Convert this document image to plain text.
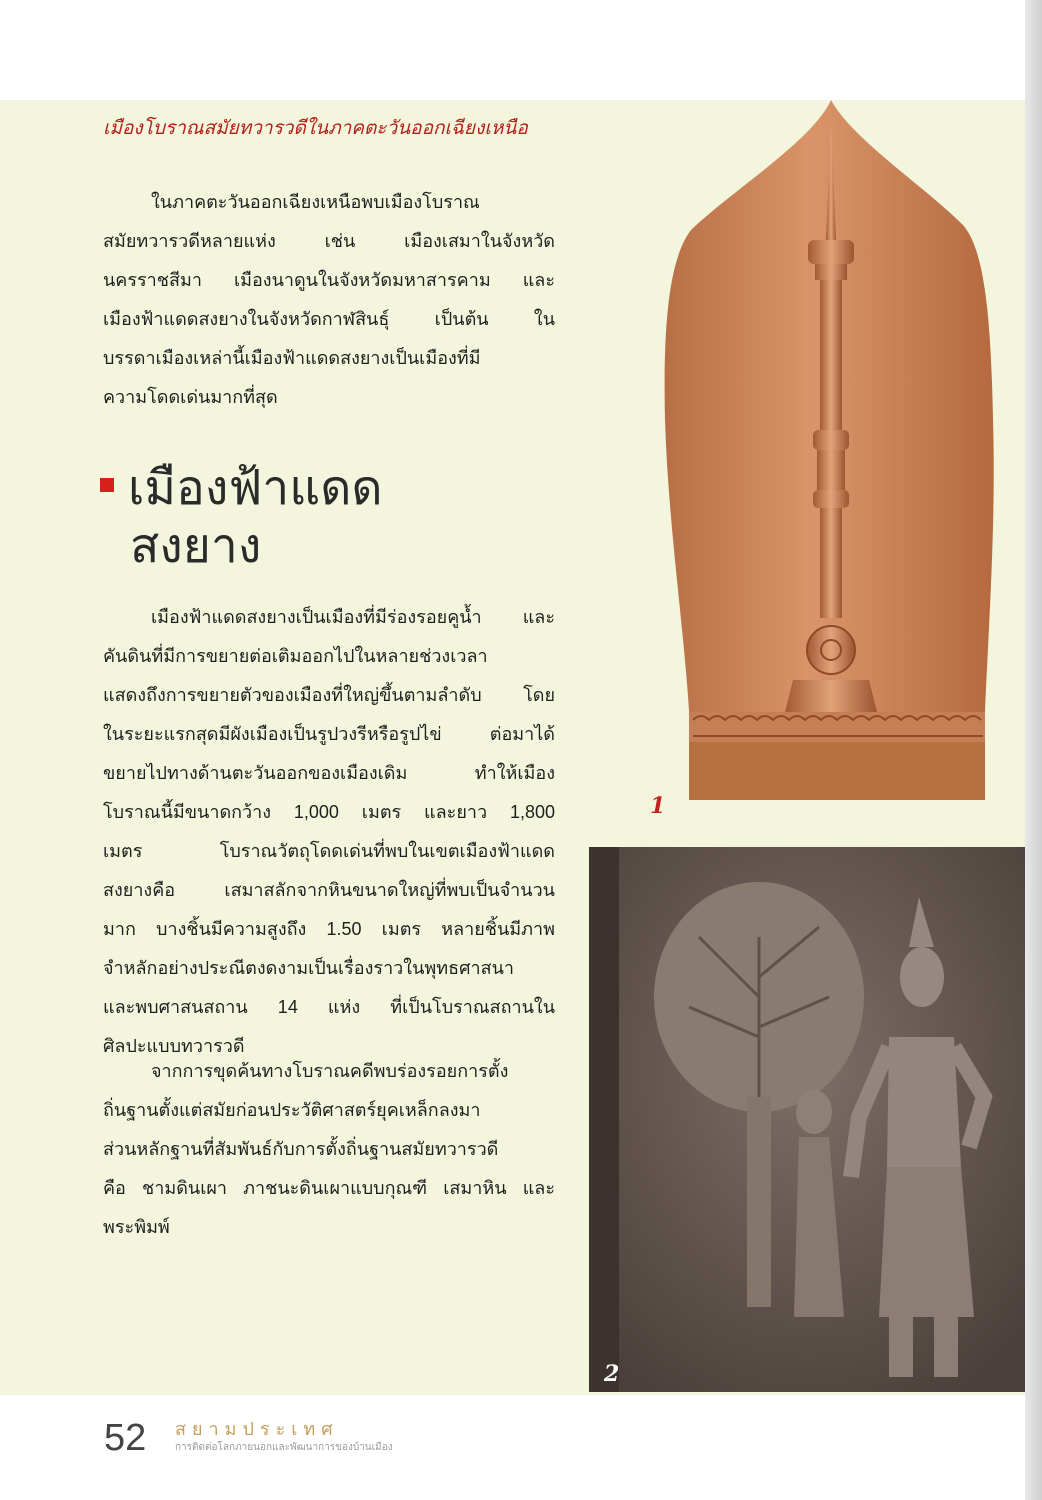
เมืองโบราณสมัยทวารวดีในภาคตะวันออกเฉียงเหนือ
ในภาคตะวันออกเฉียงเหนือพบเมืองโบราณ
สมัยทวารวดีหลายแห่ง เช่น เมืองเสมาในจังหวัด
นครราชสีมา เมืองนาดูนในจังหวัดมหาสารคาม และ
เมืองฟ้าแดดสงยางในจังหวัดกาฬสินธุ์ เป็นต้น ใน
บรรดาเมืองเหล่านี้เมืองฟ้าแดดสงยางเป็นเมืองที่มี
ความโดดเด่นมากที่สุด
เมืองฟ้าแดด
สงยาง
เมืองฟ้าแดดสงยางเป็นเมืองที่มีร่องรอยคูน้ำ และ
คันดินที่มีการขยายต่อเติมออกไปในหลายช่วงเวลา
แสดงถึงการขยายตัวของเมืองที่ใหญ่ขึ้นตามลำดับ โดย
ในระยะแรกสุดมีผังเมืองเป็นรูปวงรีหรือรูปไข่ ต่อมาได้
ขยายไปทางด้านตะวันออกของเมืองเดิม ทำให้เมือง
โบราณนี้มีขนาดกว้าง 1,000 เมตร และยาว 1,800
เมตร โบราณวัตถุโดดเด่นที่พบในเขตเมืองฟ้าแดด
สงยางคือ เสมาสลักจากหินขนาดใหญ่ที่พบเป็นจำนวน
มาก บางชิ้นมีความสูงถึง 1.50 เมตร หลายชิ้นมีภาพ
จำหลักอย่างประณีตงดงามเป็นเรื่องราวในพุทธศาสนา
และพบศาสนสถาน 14 แห่ง ที่เป็นโบราณสถานใน
ศิลปะแบบทวารวดี
จากการขุดค้นทางโบราณคดีพบร่องรอยการตั้ง
ถิ่นฐานตั้งแต่สมัยก่อนประวัติศาสตร์ยุคเหล็กลงมา
ส่วนหลักฐานที่สัมพันธ์กับการตั้งถิ่นฐานสมัยทวารวดี
คือ ชามดินเผา ภาชนะดินเผาแบบกุณฑี เสมาหิน และ
พระพิมพ์
1
2
52 สยามประเทศ
การติดต่อโลกภายนอกและพัฒนาการของบ้านเมือง
